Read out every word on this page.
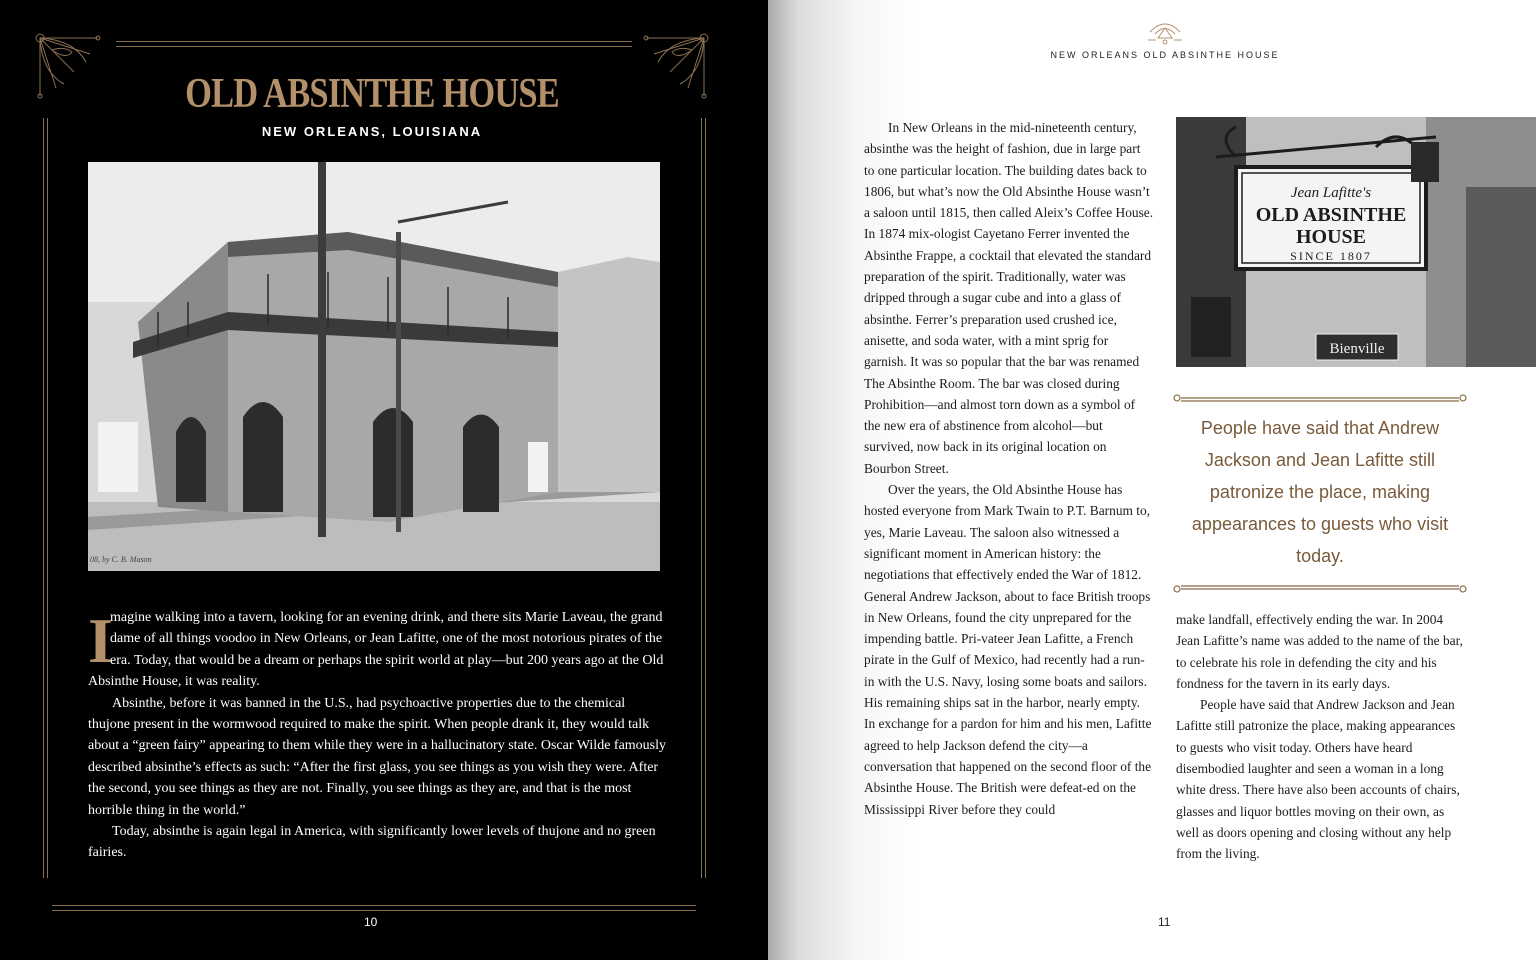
OLD ABSINTHE HOUSE
NEW ORLEANS, LOUISIANA
08, by C. B. Mason

I
magine walking into a tavern, looking for an evening drink, and there sits Marie Laveau, the grand dame of all things voodoo in New Orleans, or Jean Lafitte, one of the most notorious pirates of the era. Today, that would be a dream or perhaps the spirit world at play—but 200 years ago at the Old Absinthe House, it was reality.

Absinthe, before it was banned in the U.S., had psychoactive properties due to the chemical thujone present in the wormwood required to make the spirit. When people drank it, they would talk about a “green fairy” appearing to them while they were in a hallucinatory state. Oscar Wilde famously described absinthe’s effects as such: “After the first glass, you see things as you wish they were. After the second, you see things as they are not. Finally, you see things as they are, and that is the most horrible thing in the world.”

Today, absinthe is again legal in America, with significantly lower levels of thujone and no green fairies.

10
NEW ORLEANS OLD ABSINTHE HOUSE

In New Orleans in the mid-nineteenth century, absinthe was the height of fashion, due in large part to one particular location. The building dates back to 1806, but what’s now the Old Absinthe House wasn’t a saloon until 1815, then called Aleix’s Coffee House. In 1874 mix-ologist Cayetano Ferrer invented the Absinthe Frappe, a cocktail that elevated the standard preparation of the spirit. Traditionally, water was dripped through a sugar cube and into a glass of absinthe. Ferrer’s preparation used crushed ice, anisette, and soda water, with a mint sprig for garnish. It was so popular that the bar was renamed The Absinthe Room. The bar was closed during Prohibition—and almost torn down as a symbol of the new era of abstinence from alcohol—but survived, now back in its original location on Bourbon Street.

Over the years, the Old Absinthe House has hosted everyone from Mark Twain to P.T. Barnum to, yes, Marie Laveau. The saloon also witnessed a significant moment in American history: the negotiations that effectively ended the War of 1812. General Andrew Jackson, about to face British troops in New Orleans, found the city unprepared for the impending battle. Pri-vateer Jean Lafitte, a French pirate in the Gulf of Mexico, had recently had a run-in with the U.S. Navy, losing some boats and sailors. His remaining ships sat in the harbor, nearly empty. In exchange for a pardon for him and his men, Lafitte agreed to help Jackson defend the city—a conversation that happened on the second floor of the Absinthe House. The British were defeat-ed on the Mississippi River before they could

Jean Lafitte's
OLD ABSINTHE
HOUSE
SINCE 1807
Bienville
People have said that Andrew Jackson and Jean Lafitte still patronize the place, making appearances to guests who visit today.

make landfall, effectively ending the war. In 2004 Jean Lafitte’s name was added to the name of the bar, to celebrate his role in defending the city and his fondness for the tavern in its early days.

People have said that Andrew Jackson and Jean Lafitte still patronize the place, making appearances to guests who visit today. Others have heard disembodied laughter and seen a woman in a long white dress. There have also been accounts of chairs, glasses and liquor bottles moving on their own, as well as doors opening and closing without any help from the living.

11
